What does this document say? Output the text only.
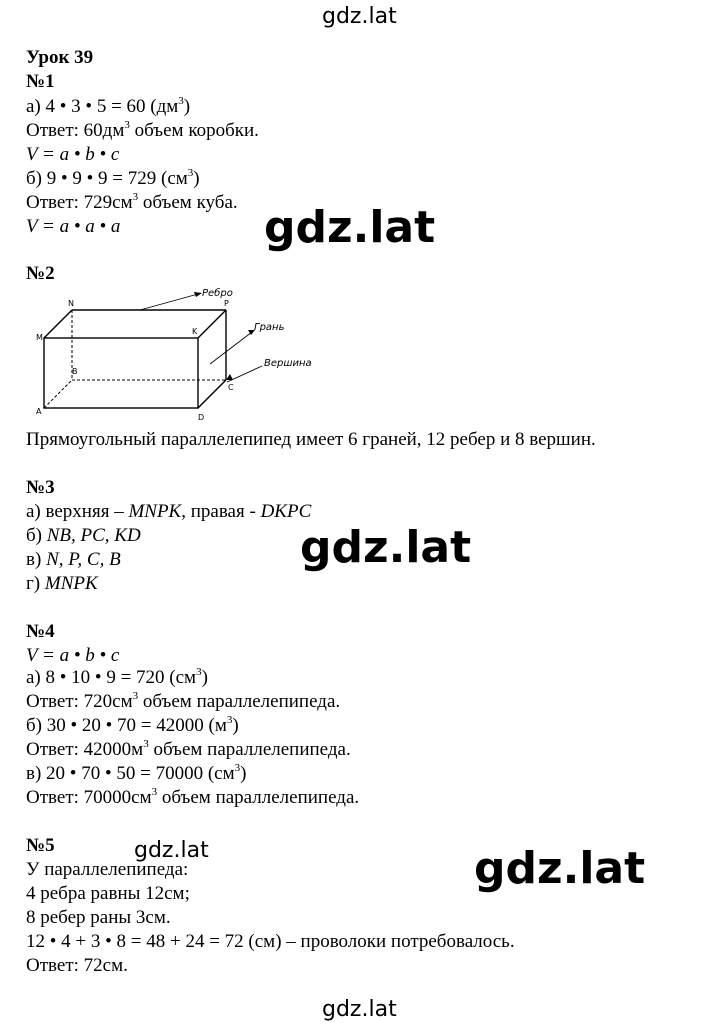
gdz.lat
gdz.lat
gdz.lat
gdz.lat	gdz.lat
gdz.lat
Урок 39
№1
а) 4 • 3 • 5 = 60 $(дм^3)$
Ответ: $60дм^3$ объем коробки.
V = a • b • c
б) 9 • 9 • 9 = 729 $(см^3)$
Ответ: $729см^3$ объем куба.
V = a • a • a
№2
Ребро
Грань
Вершина
N	P
M
K
B
C
A
D
Прямоугольный параллелепипед имеет 6 граней, 12 ребер и 8 вершин.
№3
а) верхняя – MNPK, правая - DKPC
б) NB, PC, KD
в) N, P, C, B
г) MNPK
№4
V = a • b • c
а) 8 • 10 • 9 = 720 $(см^3)$
Ответ: $720см^3$ объем параллелепипеда.
б) 30 • 20 • 70 = 42000 $(м^3)$
Ответ: $42000м^3$ объем параллелепипеда.
в) 20 • 70 • 50 = 70000 $(см^3)$
Ответ: $70000см^3$ объем параллелепипеда.
№5
У параллелепипеда:
4 ребра равны 12см;
8 ребер раны 3см.
12 • 4 + 3 • 8 = 48 + 24 = 72 (см) – проволоки потребовалось.
Ответ: 72см.
